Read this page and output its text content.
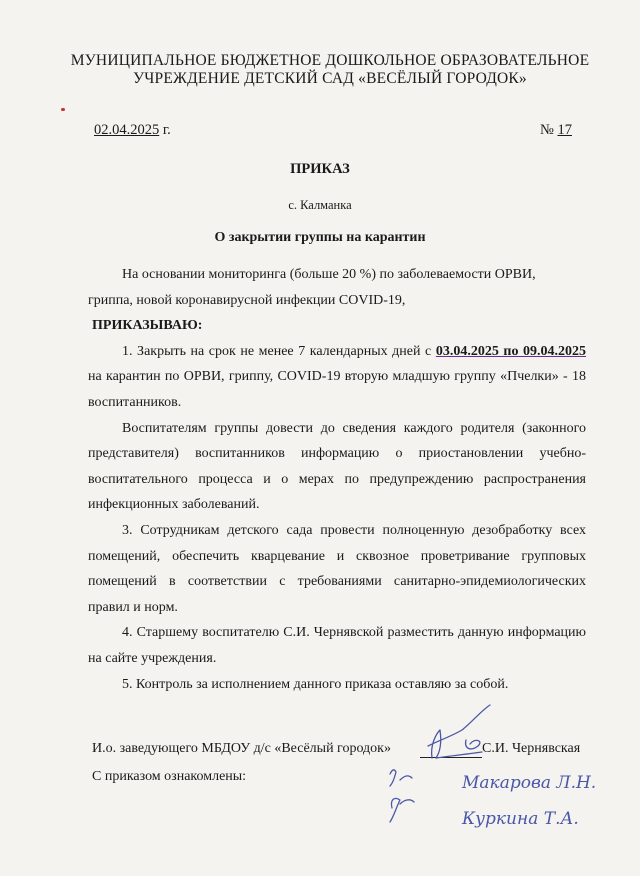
МУНИЦИПАЛЬНОЕ БЮДЖЕТНОЕ ДОШКОЛЬНОЕ ОБРАЗОВАТЕЛЬНОЕ
УЧРЕЖДЕНИЕ ДЕТСКИЙ САД «ВЕСЁЛЫЙ ГОРОДОК»
02.04.2025 г.	№ 17
ПРИКАЗ
с. Калманка
О закрытии группы на карантин

На основании мониторинга (больше 20 %) по заболеваемости ОРВИ,

гриппа, новой коронавирусной инфекции COVID-19,

ПРИКАЗЫВАЮ:

1. Закрыть на срок не менее 7 календарных дней с 03.04.2025 по 09.04.2025 на карантин по ОРВИ, гриппу, COVID-19 вторую младшую группу «Пчелки» - 18 воспитанников.

Воспитателям группы довести до сведения каждого родителя (законного представителя) воспитанников информацию о приостановлении учебно-воспитательного процесса и о мерах по предупреждению распространения инфекционных заболеваний.

3. Сотрудникам детского сада провести полноценную дезобработку всех помещений, обеспечить кварцевание и сквозное проветривание групповых помещений в соответствии с требованиями санитарно-эпидемиологических правил и норм.

4. Старшему воспитателю С.И. Чернявской разместить данную информацию на сайте учреждения.

5. Контроль за исполнением данного приказа оставляю за собой.

И.о. заведующего МБДОУ д/с «Весёлый городок»	С.И. Чернявская
С приказом ознакомлены:	Макарова Л.Н.
Куркина Т.А.
